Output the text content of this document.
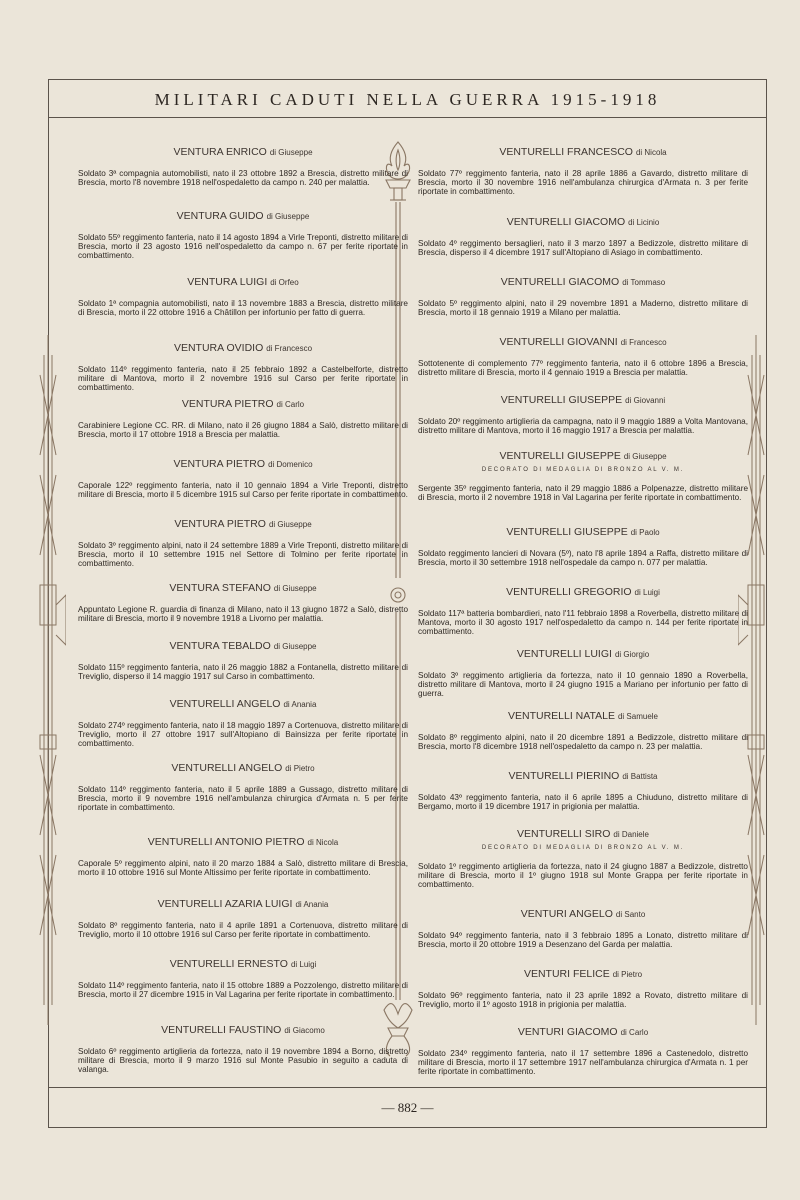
MILITARI CADUTI NELLA GUERRA 1915-1918
VENTURA ENRICO di Giuseppe
Soldato 3ª compagnia automobilisti, nato il 23 ottobre 1892 a Brescia, distretto militare di Brescia, morto l'8 novembre 1918 nell'ospedaletto da campo n. 240 per malattia.
VENTURA GUIDO di Giuseppe
Soldato 55º reggimento fanteria, nato il 14 agosto 1894 a Virle Treponti, distretto militare di Brescia, morto il 23 agosto 1916 nell'ospedaletto da campo n. 67 per ferite riportate in combattimento.
VENTURA LUIGI di Orfeo
Soldato 1ª compagnia automobilisti, nato il 13 novembre 1883 a Brescia, distretto militare di Brescia, morto il 22 ottobre 1916 a Châtillon per infortunio per fatto di guerra.
VENTURA OVIDIO di Francesco
Soldato 114º reggimento fanteria, nato il 25 febbraio 1892 a Castelbelforte, distretto militare di Mantova, morto il 2 novembre 1916 sul Carso per ferite riportate in combattimento.
VENTURA PIETRO di Carlo
Carabiniere Legione CC. RR. di Milano, nato il 26 giugno 1884 a Salò, distretto militare di Brescia, morto il 17 ottobre 1918 a Brescia per malattia.
VENTURA PIETRO di Domenico
Caporale 122º reggimento fanteria, nato il 10 gennaio 1894 a Virle Treponti, distretto militare di Brescia, morto il 5 dicembre 1915 sul Carso per ferite riportate in combattimento.
VENTURA PIETRO di Giuseppe
Soldato 3º reggimento alpini, nato il 24 settembre 1889 a Virle Treponti, distretto militare di Brescia, morto il 10 settembre 1915 nel Settore di Tolmino per ferite riportate in combattimento.
VENTURA STEFANO di Giuseppe
Appuntato Legione R. guardia di finanza di Milano, nato il 13 giugno 1872 a Salò, distretto militare di Brescia, morto il 9 novembre 1918 a Livorno per malattia.
VENTURA TEBALDO di Giuseppe
Soldato 115º reggimento fanteria, nato il 26 maggio 1882 a Fontanella, distretto militare di Treviglio, disperso il 14 maggio 1917 sul Carso in combattimento.
VENTURELLI ANGELO di Anania
Soldato 274º reggimento fanteria, nato il 18 maggio 1897 a Cortenuova, distretto militare di Treviglio, morto il 27 ottobre 1917 sull'Altopiano di Bainsizza per ferite riportate in combattimento.
VENTURELLI ANGELO di Pietro
Soldato 114º reggimento fanteria, nato il 5 aprile 1889 a Gussago, distretto militare di Brescia, morto il 9 novembre 1916 nell'ambulanza chirurgica d'Armata n. 5 per ferite riportate in combattimento.
VENTURELLI ANTONIO PIETRO di Nicola
Caporale 5º reggimento alpini, nato il 20 marzo 1884 a Salò, distretto militare di Brescia, morto il 10 ottobre 1916 sul Monte Altissimo per ferite riportate in combattimento.
VENTURELLI AZARIA LUIGI di Anania
Soldato 8º reggimento fanteria, nato il 4 aprile 1891 a Cortenuova, distretto militare di Treviglio, morto il 10 ottobre 1916 sul Carso per ferite riportate in combattimento.
VENTURELLI ERNESTO di Luigi
Soldato 114º reggimento fanteria, nato il 15 ottobre 1889 a Pozzolengo, distretto militare di Brescia, morto il 27 dicembre 1915 in Val Lagarina per ferite riportate in combattimento.
VENTURELLI FAUSTINO di Giacomo
Soldato 6º reggimento artiglieria da fortezza, nato il 19 novembre 1894 a Borno, distretto militare di Brescia, morto il 9 marzo 1916 sul Monte Pasubio in seguito a caduta di valanga.
VENTURELLI FRANCESCO di Nicola
Soldato 77º reggimento fanteria, nato il 28 aprile 1886 a Gavardo, distretto militare di Brescia, morto il 30 novembre 1916 nell'ambulanza chirurgica d'Armata n. 3 per ferite riportate in combattimento.
VENTURELLI GIACOMO di Licinio
Soldato 4º reggimento bersaglieri, nato il 3 marzo 1897 a Bedizzole, distretto militare di Brescia, disperso il 4 dicembre 1917 sull'Altopiano di Asiago in combattimento.
VENTURELLI GIACOMO di Tommaso
Soldato 5º reggimento alpini, nato il 29 novembre 1891 a Maderno, distretto militare di Brescia, morto il 18 gennaio 1919 a Milano per malattia.
VENTURELLI GIOVANNI di Francesco
Sottotenente di complemento 77º reggimento fanteria, nato il 6 ottobre 1896 a Brescia, distretto militare di Brescia, morto il 4 gennaio 1919 a Brescia per malattia.
VENTURELLI GIUSEPPE di Giovanni
Soldato 20º reggimento artiglieria da campagna, nato il 9 maggio 1889 a Volta Mantovana, distretto militare di Mantova, morto il 16 maggio 1917 a Brescia per malattia.
VENTURELLI GIUSEPPE di Giuseppe
DECORATO DI MEDAGLIA DI BRONZO AL V. M.
Sergente 35º reggimento fanteria, nato il 29 maggio 1886 a Polpenazze, distretto militare di Brescia, morto il 2 novembre 1918 in Val Lagarina per ferite riportate in combattimento.
VENTURELLI GIUSEPPE di Paolo
Soldato reggimento lancieri di Novara (5º), nato l'8 aprile 1894 a Raffa, distretto militare di Brescia, morto il 30 settembre 1918 nell'ospedale da campo n. 077 per malattia.
VENTURELLI GREGORIO di Luigi
Soldato 117ª batteria bombardieri, nato l'11 febbraio 1898 a Roverbella, distretto militare di Mantova, morto il 30 agosto 1917 nell'ospedaletto da campo n. 144 per ferite riportate in combattimento.
VENTURELLI LUIGI di Giorgio
Soldato 3º reggimento artiglieria da fortezza, nato il 10 gennaio 1890 a Roverbella, distretto militare di Mantova, morto il 24 giugno 1915 a Mariano per infortunio per fatto di guerra.
VENTURELLI NATALE di Samuele
Soldato 8º reggimento alpini, nato il 20 dicembre 1891 a Bedizzole, distretto militare di Brescia, morto l'8 dicembre 1918 nell'ospedaletto da campo n. 23 per malattia.
VENTURELLI PIERINO di Battista
Soldato 43º reggimento fanteria, nato il 6 aprile 1895 a Chiuduno, distretto militare di Bergamo, morto il 19 dicembre 1917 in prigionia per malattia.
VENTURELLI SIRO di Daniele
DECORATO DI MEDAGLIA DI BRONZO AL V. M.
Soldato 1º reggimento artiglieria da fortezza, nato il 24 giugno 1887 a Bedizzole, distretto militare di Brescia, morto il 1º giugno 1918 sul Monte Grappa per ferite riportate in combattimento.
VENTURI ANGELO di Santo
Soldato 94º reggimento fanteria, nato il 3 febbraio 1895 a Lonato, distretto militare di Brescia, morto il 20 ottobre 1919 a Desenzano del Garda per malattia.
VENTURI FELICE di Pietro
Soldato 96º reggimento fanteria, nato il 23 aprile 1892 a Rovato, distretto militare di Treviglio, morto il 1º agosto 1918 in prigionia per malattia.
VENTURI GIACOMO di Carlo
Soldato 234º reggimento fanteria, nato il 17 settembre 1896 a Castenedolo, distretto militare di Brescia, morto il 17 settembre 1917 nell'ambulanza chirurgica d'Armata n. 1 per ferite riportate in combattimento.
— 882 —
